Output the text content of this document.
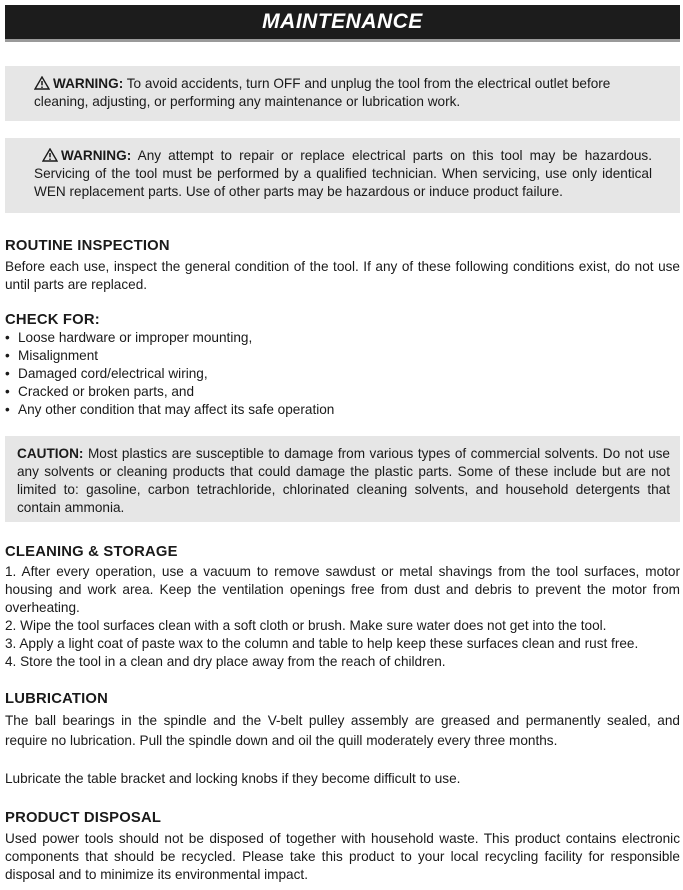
MAINTENANCE

WARNING: To avoid accidents, turn OFF and unplug the tool from the electrical outlet before cleaning, adjusting, or performing any maintenance or lubrication work.

WARNING: Any attempt to repair or replace electrical parts on this tool may be hazardous. Servicing of the tool must be performed by a qualified technician. When servicing, use only identical WEN replacement parts. Use of other parts may be hazardous or induce product failure.

ROUTINE INSPECTION

Before each use, inspect the general condition of the tool. If any of these following conditions exist, do not use until parts are replaced.

CHECK FOR:
• Loose hardware or improper mounting,
• Misalignment
• Damaged cord/electrical wiring,
• Cracked or broken parts, and
• Any other condition that may affect its safe operation

CAUTION: Most plastics are susceptible to damage from various types of commercial solvents. Do not use any solvents or cleaning products that could damage the plastic parts. Some of these include but are not limited to: gasoline, carbon tetrachloride, chlorinated cleaning solvents, and household detergents that contain ammonia.

CLEANING & STORAGE

1. After every operation, use a vacuum to remove sawdust or metal shavings from the tool surfaces, motor housing and work area. Keep the ventilation openings free from dust and debris to prevent the motor from overheating.

2. Wipe the tool surfaces clean with a soft cloth or brush. Make sure water does not get into the tool.

3. Apply a light coat of paste wax to the column and table to help keep these surfaces clean and rust free.

4. Store the tool in a clean and dry place away from the reach of children.

LUBRICATION

The ball bearings in the spindle and the V-belt pulley assembly are greased and permanently sealed, and require no lubrication. Pull the spindle down and oil the quill moderately every three months.

Lubricate the table bracket and locking knobs if they become difficult to use.

PRODUCT DISPOSAL

Used power tools should not be disposed of together with household waste. This product contains electronic components that should be recycled. Please take this product to your local recycling facility for responsible disposal and to minimize its environmental impact.
